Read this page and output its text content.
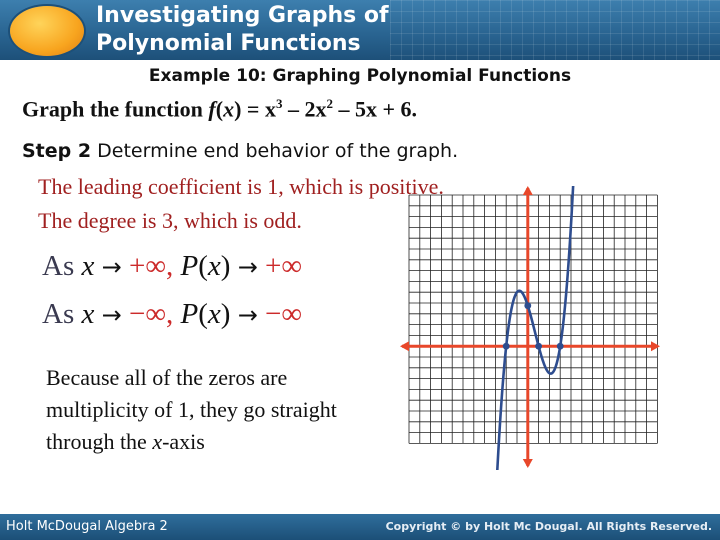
Investigating Graphs of
Polynomial Functions
Example 10: Graphing Polynomial Functions
Graph the function $f(x) = x^3 - 2x^2 - 5x + 6$.
Step 2 Determine end behavior of the graph.
The leading coefficient is 1, which is positive.
The degree is 3, which is odd.
As x → +∞, P(x) → +∞
As x → −∞, P(x) → −∞
Because all of the zeros are multiplicity of 1, they go straight through the x-axis
Holt McDougal Algebra 2	Copyright © by Holt Mc Dougal. All Rights Reserved.
